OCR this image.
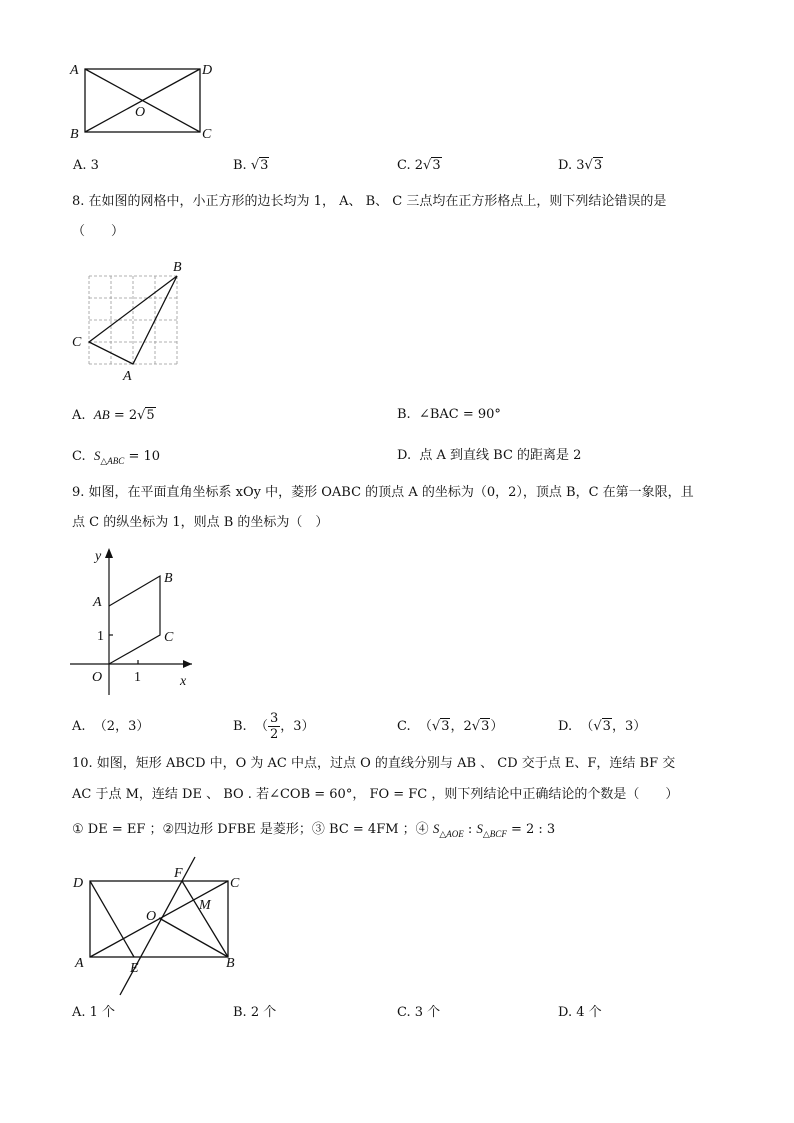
A	D
B	C
O
B
C
A
y
x
O
A
B
C
1
1
D
F
C
M
O
A	E	B
A. 3	B. √3	C. 2√3	D. 3√3
8. 在如图的网格中，小正方形的边长均为 1， A、 B、 C 三点均在正方形格点上，则下列结论错误的是
（　　）
A. AB = 2√5	B. ∠BAC = 90°
C. $S_{\triangle ABC} = 10$	D. 点 A 到直线 BC 的距离是 2
9. 如图，在平面直角坐标系 xOy 中，菱形 OABC 的顶点 A 的坐标为（0，2），顶点 B，C 在第一象限，且
点 C 的纵坐标为 1，则点 B 的坐标为（　）
A. （2，3）	B. （ $\frac{3}{2}$ ，3）	C. （√3，2√3）	D. （√3，3）
10. 如图，矩形 ABCD 中，O 为 AC 中点，过点 O 的直线分别与 AB 、 CD 交于点 E、F，连结 BF 交
AC 于点 M，连结 DE 、 BO . 若∠COB = 60°， FO = FC ，则下列结论中正确结论的个数是（　　）
① DE = EF ；②四边形 DFBE 是菱形；③ BC = 4FM ；④ $S_{\triangle AOE}$ : $S_{\triangle BCF} = 2$ : 3
A. 1 个	B. 2 个	C. 3 个	D. 4 个
